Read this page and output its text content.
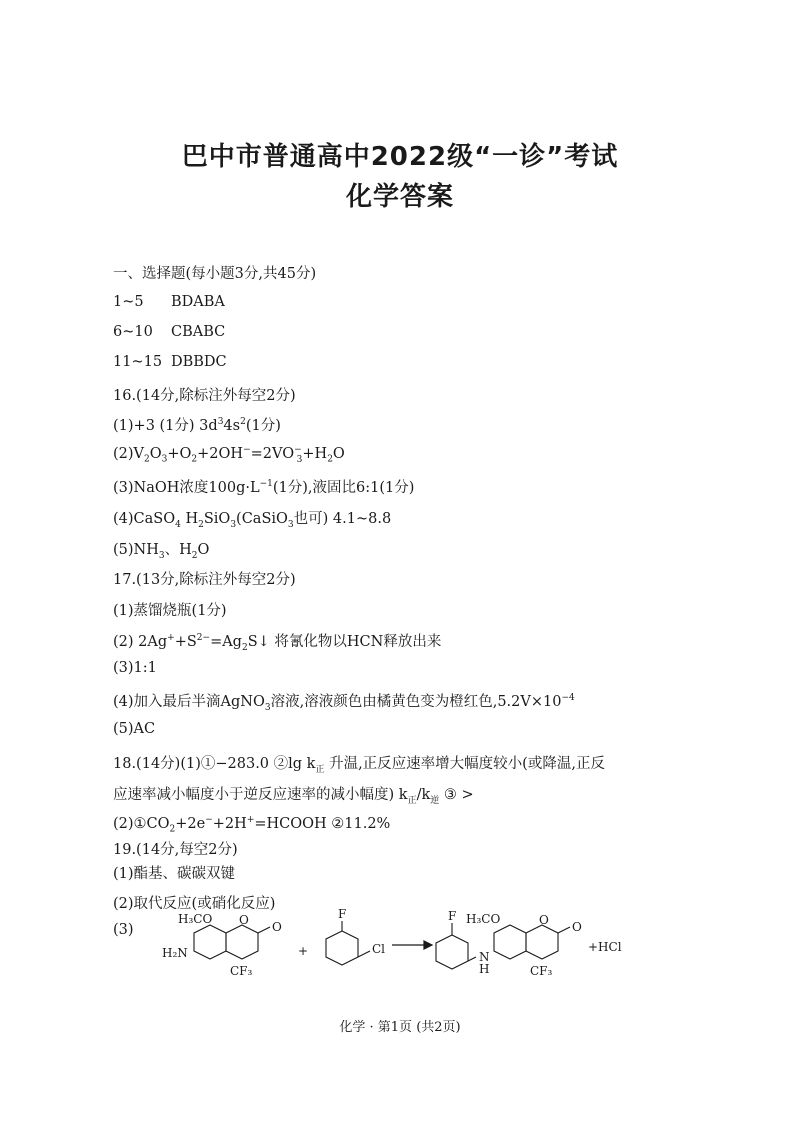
巴中市普通高中2022级“一诊”考试
化学答案
一、选择题(每小题3分,共45分)
1~5 BDABA
6~10 CBABC
11~15 DBBDC
16.(14分,除标注外每空2分)
(1)+3 (1分) $3d^34s^2(1$分)
$(2)V_2O_3+O_2+2OH^-=2VO^-_3+H_2O$
(3)NaOH浓度$100g\cdot L^{-1}(1$分),液固比6:1(1分)
(4)CaSO$_4$ $H_2SiO_3(CaSiO_3$也可) 4.1~8.8
$(5)NH_3$、$H_2O$
17.(13分,除标注外每空2分)
(1)蒸馏烧瓶(1分)
(2) $2Ag^++S^{2-}=Ag_2S↓$ 将氰化物以HCN释放出来
(3)1:1
(4)加入最后半滴AgNO$_3$溶液,溶液颜色由橘黄色变为橙红色$,5.2V\times 10^{-4}$
(5)AC
18.(14分)(1)①−283.0 ②lg $k_正$ 升温,正反应速率增大幅度较小(或降温,正反
应速率减小幅度小于逆反应速率的减小幅度) $k_正/k_逆$ ③ >
$(2)①CO_2+2e^-+2H^+=HCOOH$ ②11.2%
19.(14分,每空2分)
(1)酯基、碳碳双键
(2)取代反应(或硝化反应)
(3)
H₃CO
H₂N
O
O
CF₃
+
F
Cl
F H₃CO
N
H
O
O
CF₃
+HCl
化学 · 第1页 (共2页)
